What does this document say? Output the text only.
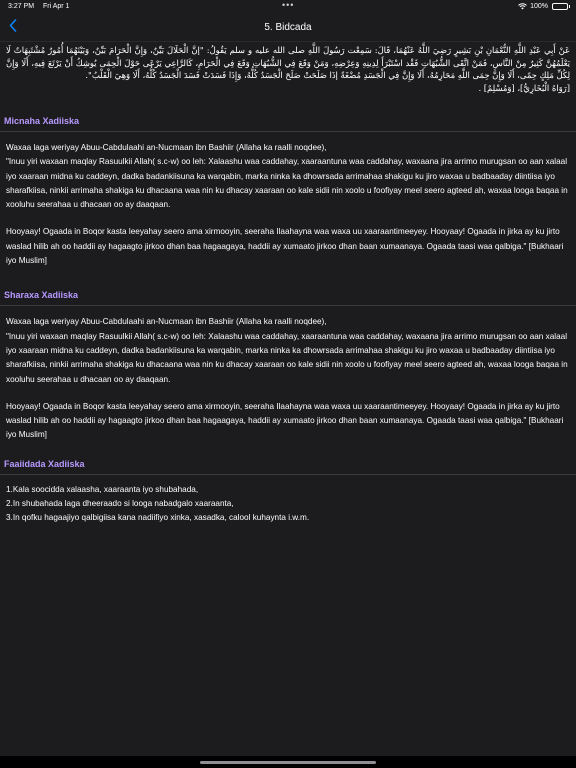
3:27 PM Fri Apr 1	•••	100%
5. Bidcada
عَنْ أَبِي عَبْدِ اللَّهِ النُّعْمَانِ بْنِ بَشِيرٍ رَضِيَ اللَّهُ عَنْهُمَا، قَالَ: سَمِعْت رَسُولَ اللَّهِ صلى الله عليه و سلم يَقُولُ: "إنَّ الْحَلَالَ بَيِّنٌ، وَإِنَّ الْحَرَامَ بَيِّنٌ، وَبَيْنَهُمَا أُمُورٌ مُشْتَبِهَاتٌ لَا يَعْلَمُهُنَّ كَثِيرٌ مِنْ النَّاسِ، فَمَنْ اتَّقَى الشُّبُهَاتِ فَقْد اسْتَبْرَأَ لِدِينِهِ وَعِرْضِهِ، وَمَنْ وَقَعَ فِي الشُّبُهَاتِ وَقَعَ فِي الْحَرَامِ، كَالرَّاعِي يَرْعَى حَوْلَ الْحِمَى يُوشِكُ أَنْ يَرْتَعَ فِيهِ، أَلَا وَإِنَّ لِكُلِّ مَلِكٍ حِمًى، أَلَا وَإِنَّ حِمَى اللَّهِ مَحَارِمُهُ، أَلَا وَإِنَّ فِي الْجَسَدِ مُضْغَةً إذَا صَلَحَتْ صَلَحَ الْجَسَدُ كُلُّهُ، وَإِذَا فَسَدَتْ فَسَدَ الْجَسَدُ كُلُّهُ، أَلَا وَهِيَ الْقَلْبُ".
[رَوَاهُ الْبُخَارِيُّ]، [وَمُسْلِمٌ] .
Micnaha Xadiiska

Waxaa laga weriyay Abuu-Cabdulaahi an-Nucmaan ibn Bashiir (Allaha ka raalli noqdee),

"Inuu yiri waxaan maqlay Rasuulkii Allah( s.c-w) oo leh: Xalaashu waa caddahay, xaaraantuna waa caddahay, waxaana jira arrimo murugsan oo aan xalaal iyo xaaraan midna ku caddeyn, dadka badankiisuna ka warqabin, marka ninka ka dhowrsada arrimahaa shakigu ku jiro waxaa u badbaaday diintiisa iyo sharafkiisa, ninkii arrimaha shakiga ku dhacaana waa nin ku dhacay xaaraan oo kale sidii nin xoolo u foofiyay meel seero agteed ah, waxaa looga baqaa in xooluhu seerahaa u dhacaan oo ay daaqaan.

Hooyaay! Ogaada in Boqor kasta leeyahay seero ama xirmooyin, seeraha Ilaahayna waa waxa uu xaaraantimeeyey. Hooyaay! Ogaada in jirka ay ku jirto waslad hilib ah oo haddii ay hagaagto jirkoo dhan baa hagaagaya, haddii ay xumaato jirkoo dhan baan xumaanaya. Ogaada taasi waa qalbiga." [Bukhaari iyo Muslim]

Sharaxa Xadiiska

Waxaa laga weriyay Abuu-Cabdulaahi an-Nucmaan ibn Bashiir (Allaha ka raalli noqdee),

"Inuu yiri waxaan maqlay Rasuulkii Allah( s.c-w) oo leh: Xalaashu waa caddahay, xaaraantuna waa caddahay, waxaana jira arrimo murugsan oo aan xalaal iyo xaaraan midna ku caddeyn, dadka badankiisuna ka warqabin, marka ninka ka dhowrsada arrimahaa shakigu ku jiro waxaa u badbaaday diintiisa iyo sharafkiisa, ninkii arrimaha shakiga ku dhacaana waa nin ku dhacay xaaraan oo kale sidii nin xoolo u foofiyay meel seero agteed ah, waxaa looga baqaa in xooluhu seerahaa u dhacaan oo ay daaqaan.

Hooyaay! Ogaada in Boqor kasta leeyahay seero ama xirmooyin, seeraha Ilaahayna waa waxa uu xaaraantimeeyey. Hooyaay! Ogaada in jirka ay ku jirto waslad hilib ah oo haddii ay hagaagto jirkoo dhan baa hagaagaya, haddii ay xumaato jirkoo dhan baan xumaanaya. Ogaada taasi waa qalbiga." [Bukhaari iyo Muslim]

Faaiidada Xadiiska
1.Kala soocidda xalaasha, xaaraanta iyo shubahada,
2.In shubahada laga dheeraado si looga nabadgalo xaaraanta,
3.In qofku hagaajiyo qalbigiisa kana nadiifiyo xinka, xasadka, calool kuhaynta i.w.m.
